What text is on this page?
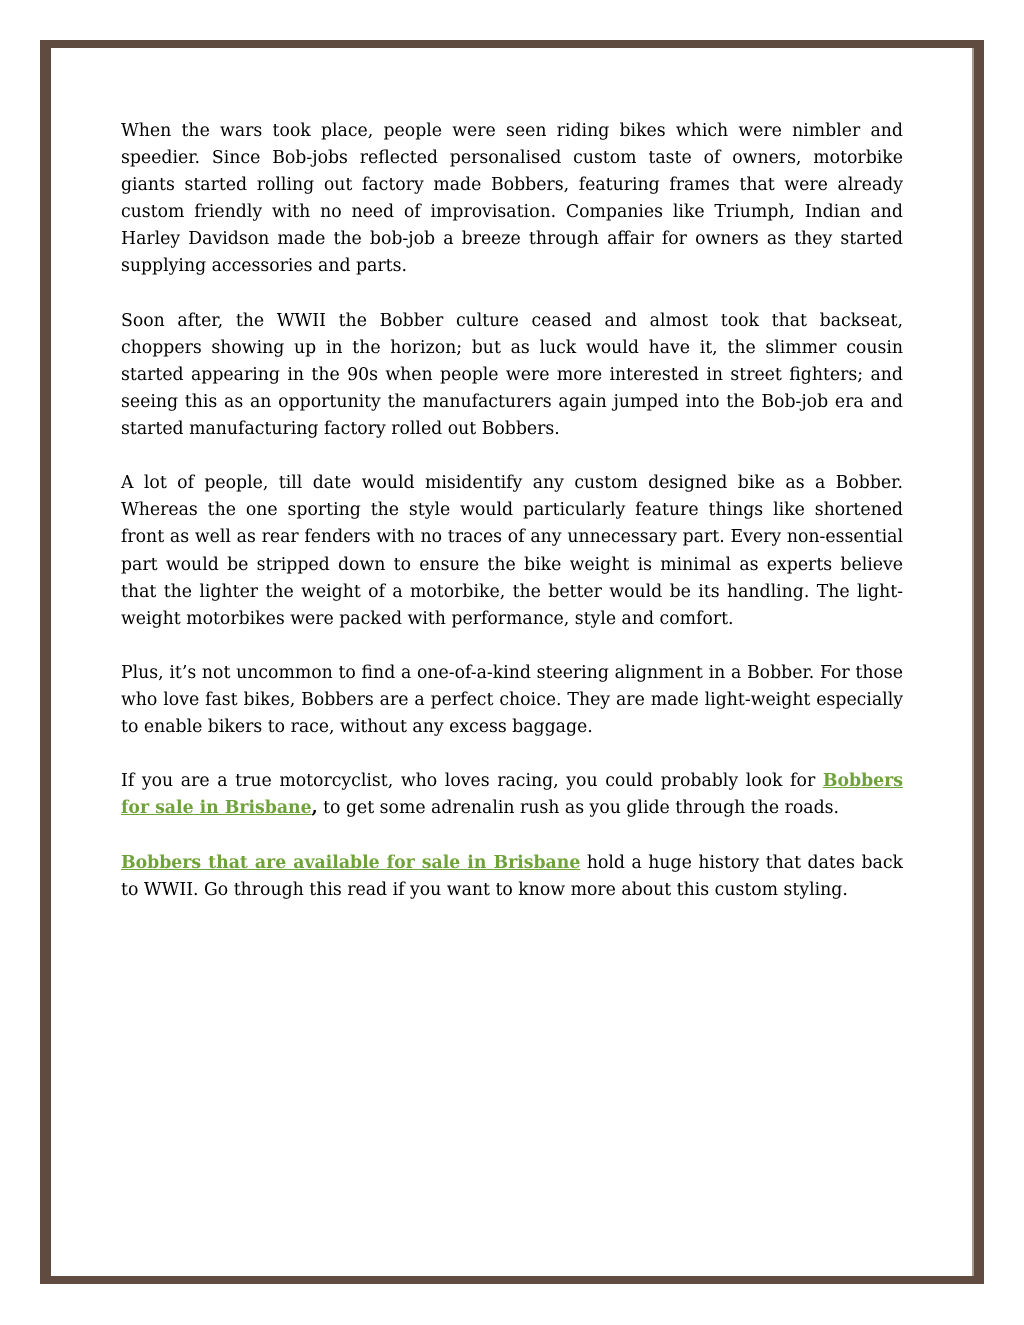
When the wars took place, people were seen riding bikes which were nimbler and speedier. Since Bob-jobs reflected personalised custom taste of owners, motorbike giants started rolling out factory made Bobbers, featuring frames that were already custom friendly with no need of improvisation. Companies like Triumph, Indian and Harley Davidson made the bob-job a breeze through affair for owners as they started supplying accessories and parts.

Soon after, the WWII the Bobber culture ceased and almost took that backseat, choppers showing up in the horizon; but as luck would have it, the slimmer cousin started appearing in the 90s when people were more interested in street fighters; and seeing this as an opportunity the manufacturers again jumped into the Bob-job era and started manufacturing factory rolled out Bobbers.

A lot of people, till date would misidentify any custom designed bike as a Bobber. Whereas the one sporting the style would particularly feature things like shortened front as well as rear fenders with no traces of any unnecessary part. Every non-essential part would be stripped down to ensure the bike weight is minimal as experts believe that the lighter the weight of a motorbike, the better would be its handling. The light-weight motorbikes were packed with performance, style and comfort.

Plus, it’s not uncommon to find a one-of-a-kind steering alignment in a Bobber. For those who love fast bikes, Bobbers are a perfect choice. They are made light-weight especially to enable bikers to race, without any excess baggage.

If you are a true motorcyclist, who loves racing, you could probably look for Bobbers for sale in Brisbane, to get some adrenalin rush as you glide through the roads.

Bobbers that are available for sale in Brisbane hold a huge history that dates back to WWII. Go through this read if you want to know more about this custom styling.
